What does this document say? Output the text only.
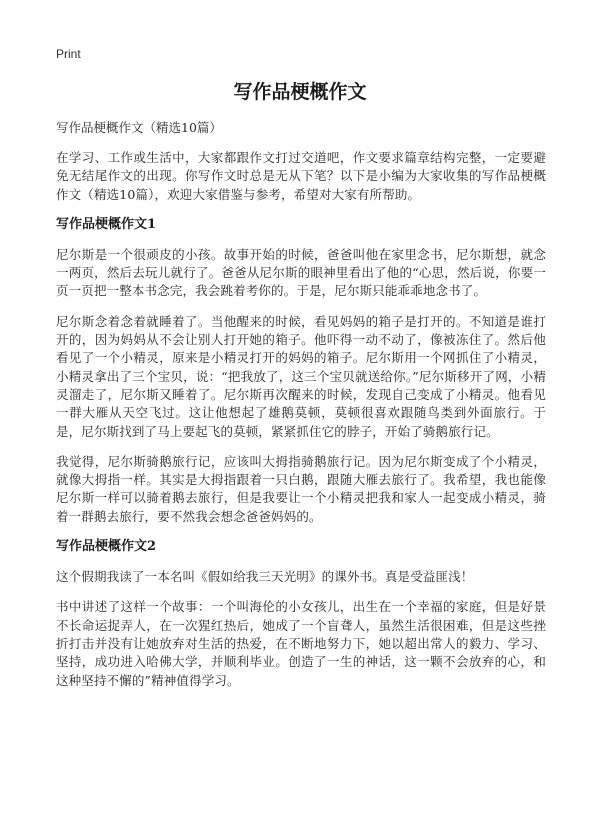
Print
写作品梗概作文

写作品梗概作文（精选10篇）

在学习、工作或生活中，大家都跟作文打过交道吧，作文要求篇章结构完整，一定要避免无结尾作文的出现。你写作文时总是无从下笔？以下是小编为大家收集的写作品梗概作文（精选10篇），欢迎大家借鉴与参考，希望对大家有所帮助。

写作品梗概作文1

尼尔斯是一个很顽皮的小孩。故事开始的时候，爸爸叫他在家里念书，尼尔斯想，就念一两页，然后去玩儿就行了。爸爸从尼尔斯的眼神里看出了他的“心思，然后说，你要一页一页把一整本书念完，我会跳着考你的。于是，尼尔斯只能乖乖地念书了。

尼尔斯念着念着就睡着了。当他醒来的时候，看见妈妈的箱子是打开的。不知道是谁打开的，因为妈妈从不会让别人打开她的箱子。他吓得一动不动了，像被冻住了。然后他看见了一个小精灵，原来是小精灵打开的妈妈的箱子。尼尔斯用一个网抓住了小精灵，小精灵拿出了三个宝贝，说：“把我放了，这三个宝贝就送给你。”尼尔斯移开了网，小精灵溜走了，尼尔斯又睡着了。尼尔斯再次醒来的时候，发现自己变成了小精灵。他看见一群大雁从天空飞过。这让他想起了雄鹅莫顿，莫顿很喜欢跟随鸟类到外面旅行。于是，尼尔斯找到了马上要起飞的莫顿，紧紧抓住它的脖子，开始了骑鹅旅行记。

我觉得，尼尔斯骑鹅旅行记，应该叫大拇指骑鹅旅行记。因为尼尔斯变成了个小精灵，就像大拇指一样。其实是大拇指跟着一只白鹅，跟随大雁去旅行了。我希望，我也能像尼尔斯一样可以骑着鹅去旅行，但是我要让一个小精灵把我和家人一起变成小精灵，骑着一群鹅去旅行，要不然我会想念爸爸妈妈的。

写作品梗概作文2

这个假期我读了一本名叫《假如给我三天光明》的课外书。真是受益匪浅！

书中讲述了这样一个故事：一个叫海伦的小女孩儿，出生在一个幸福的家庭，但是好景不长命运捉弄人，在一次猩红热后，她成了一个盲聋人，虽然生活很困难，但是这些挫折打击并没有让她放弃对生活的热爱，在不断地努力下，她以超出常人的毅力、学习、坚持，成功进入哈佛大学，并顺利毕业。创造了一生的神话，这一颗不会放弃的心，和这种坚持不懈的”精神值得学习。
